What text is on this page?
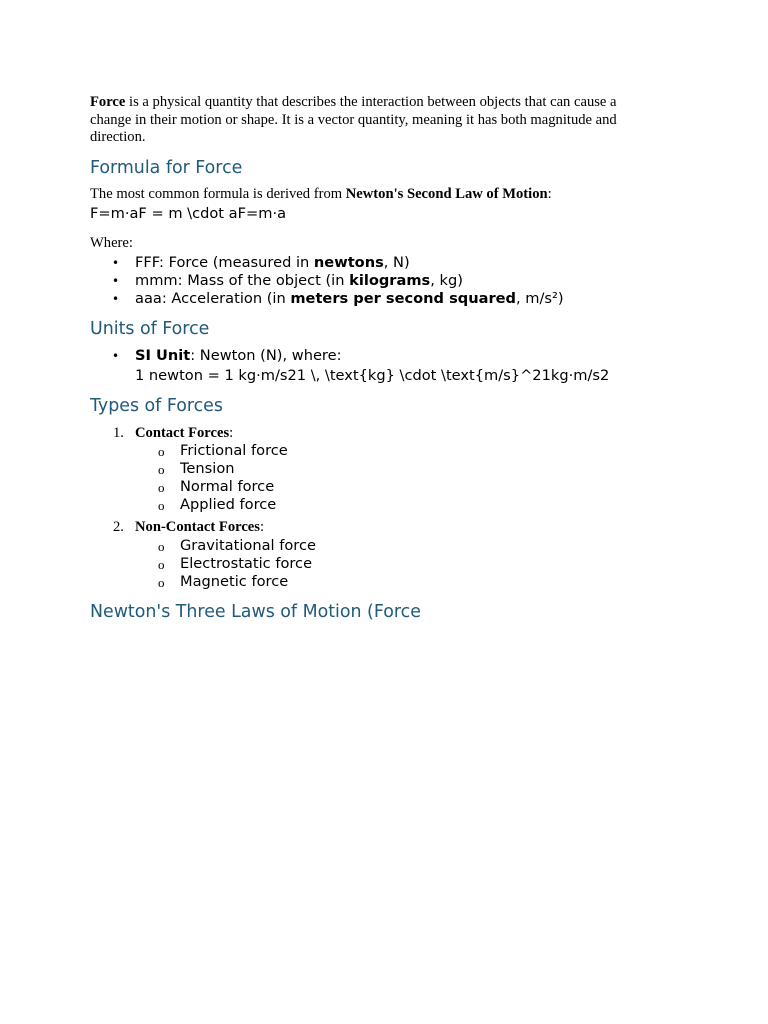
Force is a physical quantity that describes the interaction between objects that can cause a change in their motion or shape. It is a vector quantity, meaning it has both magnitude and direction.

Formula for Force

The most common formula is derived from Newton's Second Law of Motion:

F=m·aF = m \cdot aF=m·a

Where:

• FFF: Force (measured in newtons, N)
• mmm: Mass of the object (in kilograms, kg)
• aaa: Acceleration (in meters per second squared, m/s²)
Units of Force
• SI Unit: Newton (N), where:
1 newton = 1 kg·m/s21 \, \text{kg} \cdot \text{m/s}^21kg·m/s2
Types of Forces
1. Contact Forces:
o Frictional force
o Tension
o Normal force
o Applied force
2. Non-Contact Forces:
o Gravitational force
o Electrostatic force
o Magnetic force
Newton's Three Laws of Motion (Force
